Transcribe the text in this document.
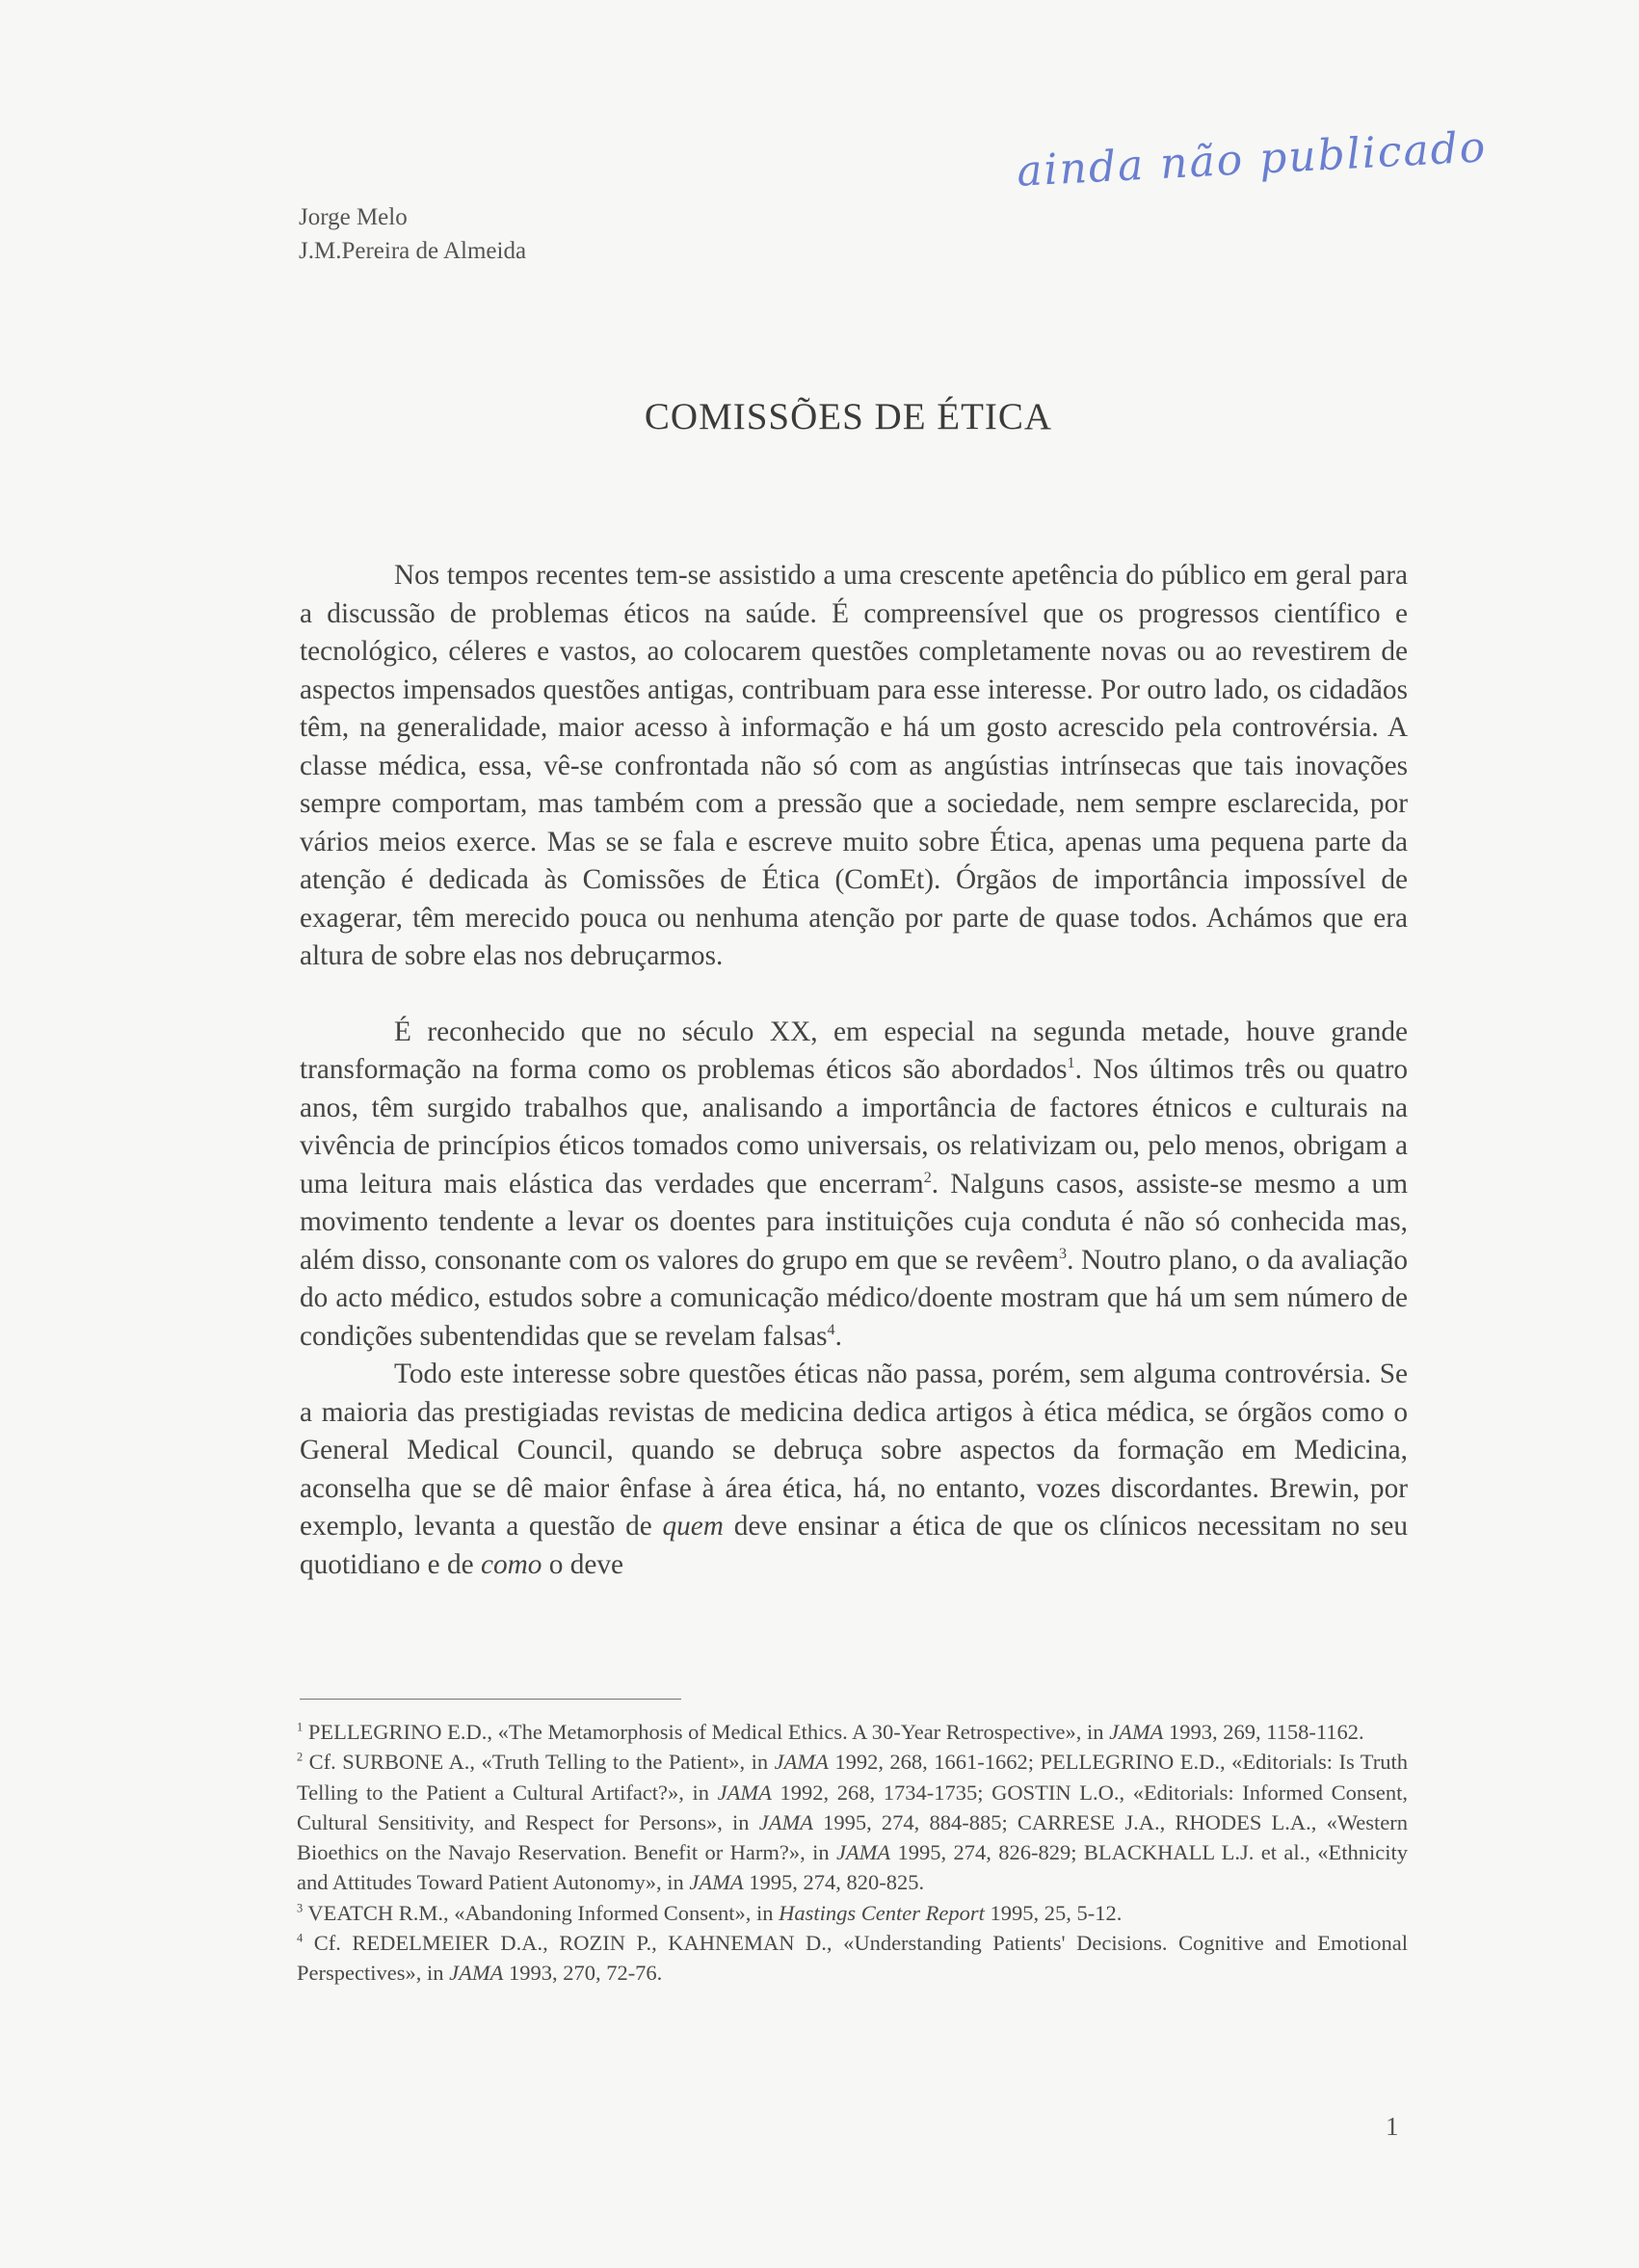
ainda não publicado
Jorge Melo
J.M.Pereira de Almeida
COMISSÕES DE ÉTICA

Nos tempos recentes tem-se assistido a uma crescente apetência do público em geral para a discussão de problemas éticos na saúde. É compreensível que os progressos científico e tecnológico, céleres e vastos, ao colocarem questões completamente novas ou ao revestirem de aspectos impensados questões antigas, contribuam para esse interesse. Por outro lado, os cidadãos têm, na generalidade, maior acesso à informação e há um gosto acrescido pela controvérsia. A classe médica, essa, vê-se confrontada não só com as angústias intrínsecas que tais inovações sempre comportam, mas também com a pressão que a sociedade, nem sempre esclarecida, por vários meios exerce. Mas se se fala e escreve muito sobre Ética, apenas uma pequena parte da atenção é dedicada às Comissões de Ética (ComEt). Órgãos de importância impossível de exagerar, têm merecido pouca ou nenhuma atenção por parte de quase todos. Achámos que era altura de sobre elas nos debruçarmos.

É reconhecido que no século XX, em especial na segunda metade, houve grande transformação na forma como os problemas éticos são abordados$^1$. Nos últimos três ou quatro anos, têm surgido trabalhos que, analisando a importância de factores étnicos e culturais na vivência de princípios éticos tomados como universais, os relativizam ou, pelo menos, obrigam a uma leitura mais elástica das verdades que encerram$^2$. Nalguns casos, assiste-se mesmo a um movimento tendente a levar os doentes para instituições cuja conduta é não só conhecida mas, além disso, consonante com os valores do grupo em que se revêem$^3$. Noutro plano, o da avaliação do acto médico, estudos sobre a comunicação médico/doente mostram que há um sem número de condições subentendidas que se revelam falsas$^4$.

Todo este interesse sobre questões éticas não passa, porém, sem alguma controvérsia. Se a maioria das prestigiadas revistas de medicina dedica artigos à ética médica, se órgãos como o General Medical Council, quando se debruça sobre aspectos da formação em Medicina, aconselha que se dê maior ênfase à área ética, há, no entanto, vozes discordantes. Brewin, por exemplo, levanta a questão de quem deve ensinar a ética de que os clínicos necessitam no seu quotidiano e de como o deve

$^1$ PELLEGRINO E.D., «The Metamorphosis of Medical Ethics. A 30-Year Retrospective», in JAMA 1993, 269, 1158-1162.

$^2$ Cf. SURBONE A., «Truth Telling to the Patient», in JAMA 1992, 268, 1661-1662; PELLEGRINO E.D., «Editorials: Is Truth Telling to the Patient a Cultural Artifact?», in JAMA 1992, 268, 1734-1735; GOSTIN L.O., «Editorials: Informed Consent, Cultural Sensitivity, and Respect for Persons», in JAMA 1995, 274, 884-885; CARRESE J.A., RHODES L.A., «Western Bioethics on the Navajo Reservation. Benefit or Harm?», in JAMA 1995, 274, 826-829; BLACKHALL L.J. et al., «Ethnicity and Attitudes Toward Patient Autonomy», in JAMA 1995, 274, 820-825.

$^3$ VEATCH R.M., «Abandoning Informed Consent», in Hastings Center Report 1995, 25, 5-12.

$^4$ Cf. REDELMEIER D.A., ROZIN P., KAHNEMAN D., «Understanding Patients' Decisions. Cognitive and Emotional Perspectives», in JAMA 1993, 270, 72-76.

1
